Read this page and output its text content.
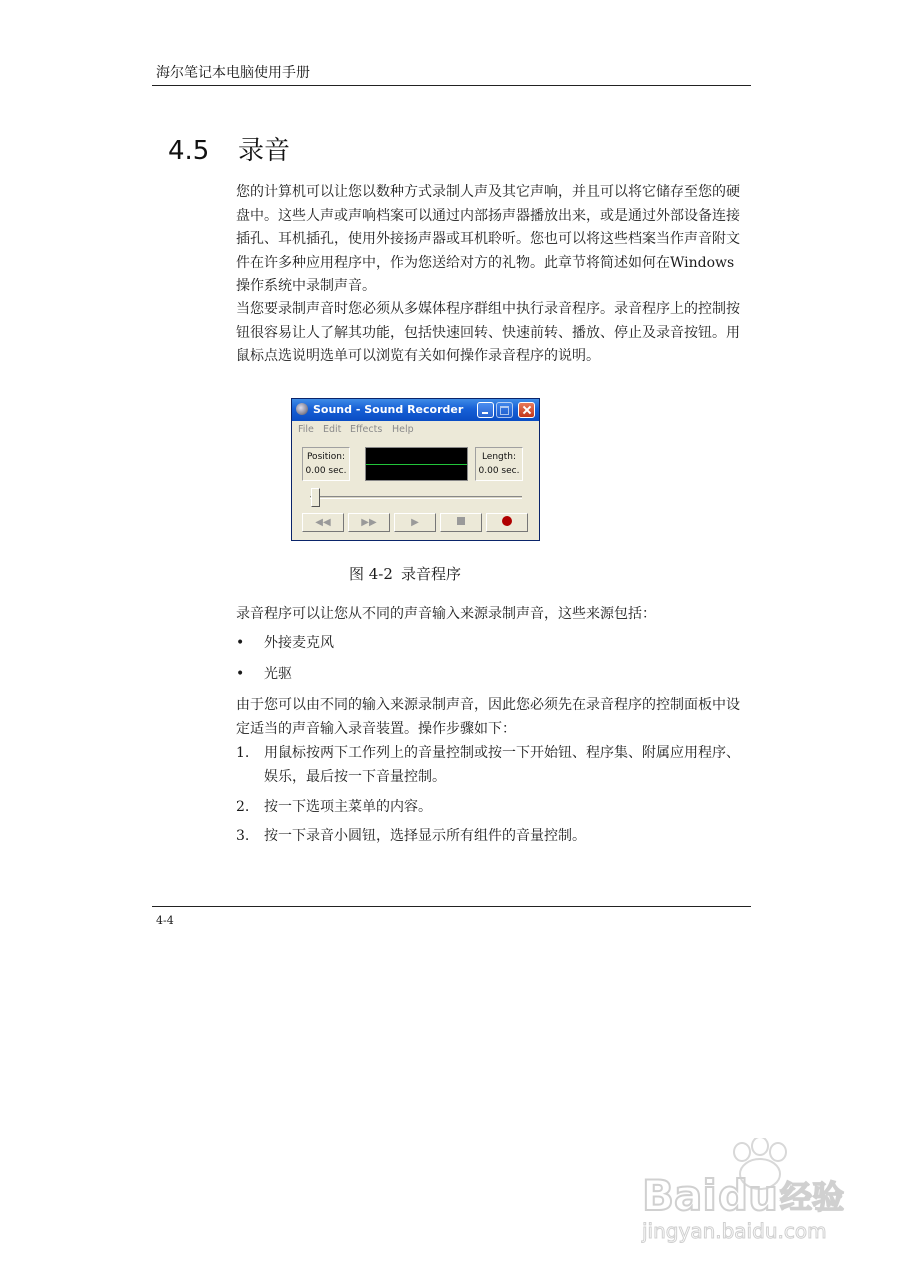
海尔笔记本电脑使用手册
4.5 录音

您的计算机可以让您以数种方式录制人声及其它声响，并且可以将它储存至您的硬盘中。这些人声或声响档案可以通过内部扬声器播放出来，或是通过外部设备连接插孔、耳机插孔，使用外接扬声器或耳机聆听。您也可以将这些档案当作声音附文件在许多种应用程序中，作为您送给对方的礼物。此章节将简述如何在Windows操作系统中录制声音。

当您要录制声音时您必须从多媒体程序群组中执行录音程序。录音程序上的控制按钮很容易让人了解其功能，包括快速回转、快速前转、播放、停止及录音按钮。用鼠标点选说明选单可以浏览有关如何操作录音程序的说明。

Sound - Sound Recorder
File Edit Effects Help
Position:
0.00 sec.
Length:
0.00 sec.
◀◀	▶▶	▶
图 4-2 录音程序

录音程序可以让您从不同的声音输入来源录制声音，这些来源包括：

• 外接麦克风
• 光驱

由于您可以由不同的输入来源录制声音，因此您必须先在录音程序的控制面板中设定适当的声音输入录音装置。操作步骤如下：

1. 用鼠标按两下工作列上的音量控制或按一下开始钮、程序集、附属应用程序、娱乐，最后按一下音量控制。
2. 按一下选项主菜单的内容。
3. 按一下录音小圆钮，选择显示所有组件的音量控制。
4-4
Bai du 经验
jingyan.baidu.com
